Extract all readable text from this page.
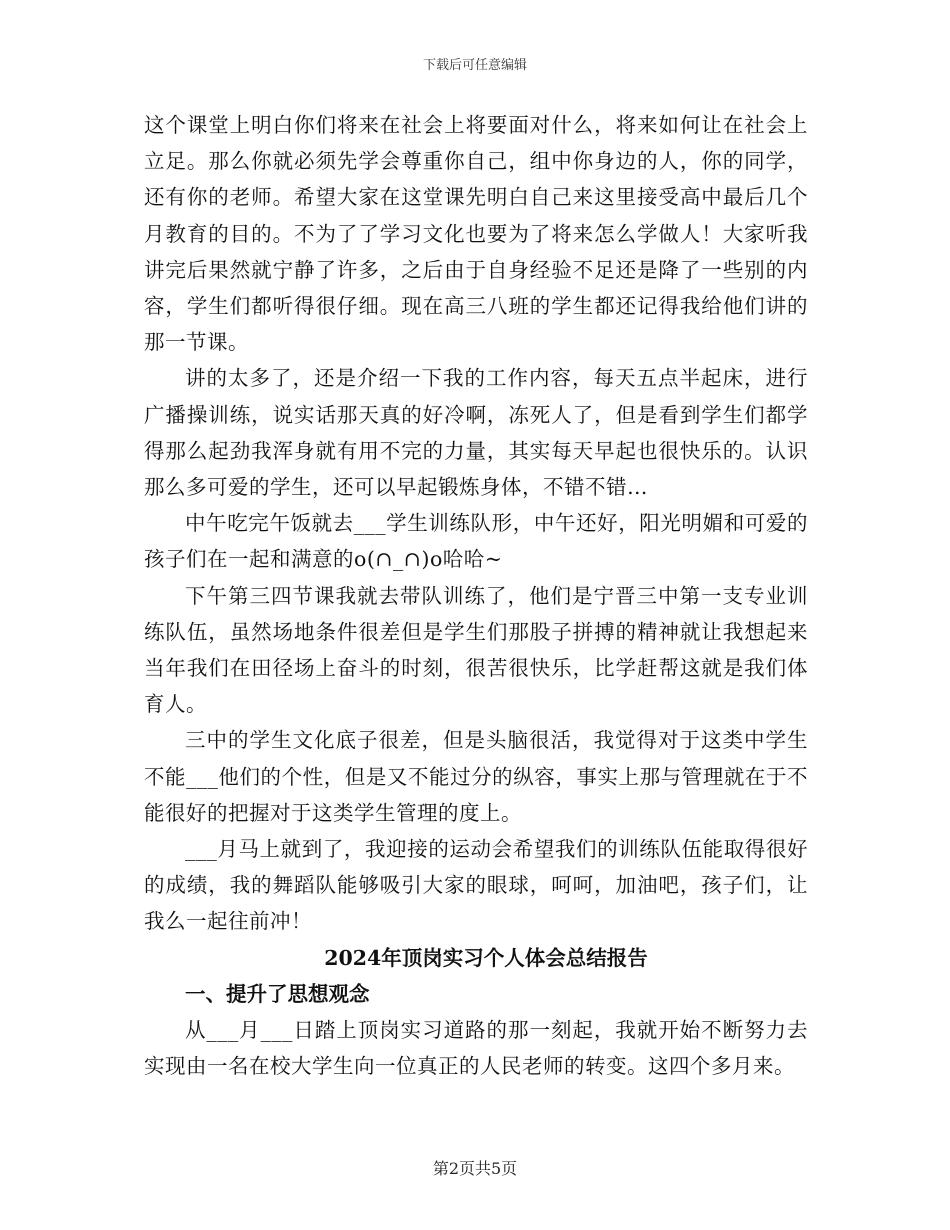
下载后可任意编辑

这个课堂上明白你们将来在社会上将要面对什么，将来如何让在社会上立足。那么你就必须先学会尊重你自己，组中你身边的人，你的同学，还有你的老师。希望大家在这堂课先明白自己来这里接受高中最后几个月教育的目的。不为了了学习文化也要为了将来怎么学做人！大家听我讲完后果然就宁静了许多，之后由于自身经验不足还是降了一些别的内容，学生们都听得很仔细。现在高三八班的学生都还记得我给他们讲的那一节课。

讲的太多了，还是介绍一下我的工作内容，每天五点半起床，进行广播操训练，说实话那天真的好冷啊，冻死人了，但是看到学生们都学得那么起劲我浑身就有用不完的力量，其实每天早起也很快乐的。认识那么多可爱的学生，还可以早起锻炼身体，不错不错…

中午吃完午饭就去___学生训练队形，中午还好，阳光明媚和可爱的孩子们在一起和满意的o(∩_∩)o哈哈~

下午第三四节课我就去带队训练了，他们是宁晋三中第一支专业训练队伍，虽然场地条件很差但是学生们那股子拼搏的精神就让我想起来当年我们在田径场上奋斗的时刻，很苦很快乐，比学赶帮这就是我们体育人。

三中的学生文化底子很差，但是头脑很活，我觉得对于这类中学生不能___他们的个性，但是又不能过分的纵容，事实上那与管理就在于不能很好的把握对于这类学生管理的度上。

___月马上就到了，我迎接的运动会希望我们的训练队伍能取得很好的成绩，我的舞蹈队能够吸引大家的眼球，呵呵，加油吧，孩子们，让我么一起往前冲！

2024年顶岗实习个人体会总结报告

一、提升了思想观念

从___月___日踏上顶岗实习道路的那一刻起，我就开始不断努力去实现由一名在校大学生向一位真正的人民老师的转变。这四个多月来。

第2页共5页
